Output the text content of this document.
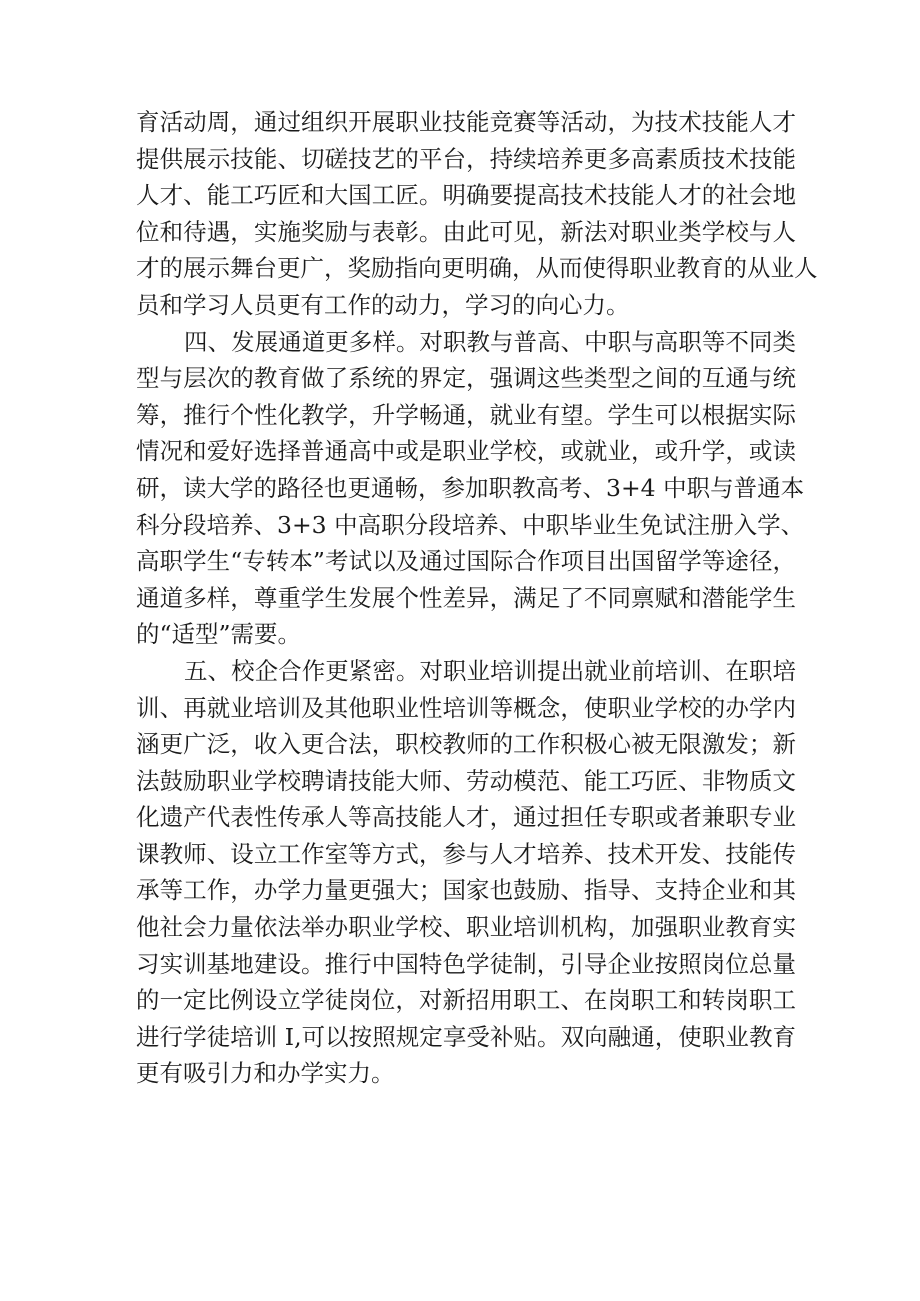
育活动周，通过组织开展职业技能竞赛等活动，为技术技能人才
提供展示技能、切磋技艺的平台，持续培养更多高素质技术技能
人才、能工巧匠和大国工匠。明确要提高技术技能人才的社会地
位和待遇，实施奖励与表彰。由此可见，新法对职业类学校与人
才的展示舞台更广，奖励指向更明确，从而使得职业教育的从业人
员和学习人员更有工作的动力，学习的向心力。
四、发展通道更多样。对职教与普高、中职与高职等不同类
型与层次的教育做了系统的界定，强调这些类型之间的互通与统
筹，推行个性化教学，升学畅通，就业有望。学生可以根据实际
情况和爱好选择普通高中或是职业学校，或就业，或升学，或读
研，读大学的路径也更通畅，参加职教高考、3+4 中职与普通本
科分段培养、3+3 中高职分段培养、中职毕业生免试注册入学、
高职学生“专转本”考试以及通过国际合作项目出国留学等途径，
通道多样，尊重学生发展个性差异，满足了不同禀赋和潜能学生
的“适型”需要。
五、校企合作更紧密。对职业培训提出就业前培训、在职培
训、再就业培训及其他职业性培训等概念，使职业学校的办学内
涵更广泛，收入更合法，职校教师的工作积极心被无限激发；新
法鼓励职业学校聘请技能大师、劳动模范、能工巧匠、非物质文
化遗产代表性传承人等高技能人才，通过担任专职或者兼职专业
课教师、设立工作室等方式，参与人才培养、技术开发、技能传
承等工作，办学力量更强大；国家也鼓励、指导、支持企业和其
他社会力量依法举办职业学校、职业培训机构，加强职业教育实
习实训基地建设。推行中国特色学徒制，引导企业按照岗位总量
的一定比例设立学徒岗位，对新招用职工、在岗职工和转岗职工
进行学徒培训 I,可以按照规定享受补贴。双向融通，使职业教育
更有吸引力和办学实力。
